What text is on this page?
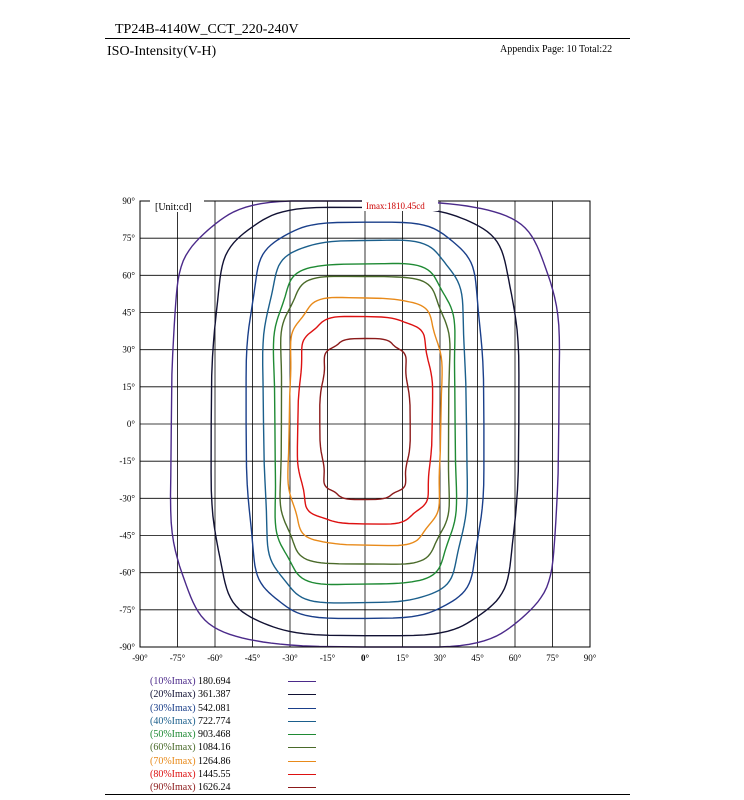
TP24B-4140W_CCT_220-240V
ISO-Intensity(V-H)	Appendix Page: 10 Total:22
-90° -75° -60° -45° -30° -15°	0°	15°	30°	45°	60°	75°	90°
90°
75°
60°
45°
30°
15°
0°
-15°
-30°
-45°
-60°
-75°
-90°
[Unit:cd]	Imax:1810.45cd
(10%Imax) 180.694
(20%Imax) 361.387
(30%Imax) 542.081
(40%Imax) 722.774
(50%Imax) 903.468
(60%Imax) 1084.16
(70%Imax) 1264.86
(80%Imax) 1445.55
(90%Imax) 1626.24
